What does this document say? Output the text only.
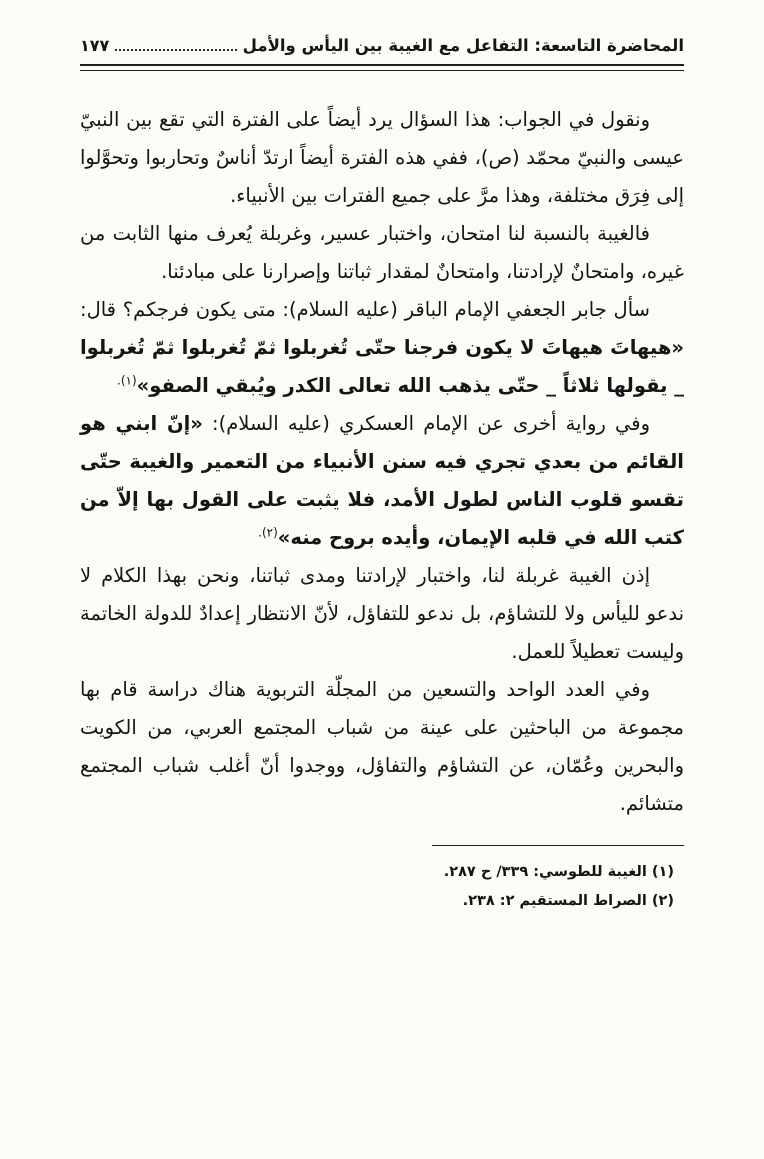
المحاضرة التاسعة: التفاعل مع الغيبة بين اليأس والأمل
١٧٧

ونقول في الجواب: هذا السؤال يرد أيضاً على الفترة التي تقع بين النبيّ عيسى والنبيّ محمّد (ص)، ففي هذه الفترة أيضاً ارتدّ أناسٌ وتحاربوا وتحوَّلوا إلى فِرَق مختلفة، وهذا مرَّ على جميع الفترات بين الأنبياء.

فالغيبة بالنسبة لنا امتحان، واختبار عسير، وغربلة يُعرف منها الثابت من غيره، وامتحانٌ لإرادتنا، وامتحانٌ لمقدار ثباتنا وإصرارنا على مبادئنا.

سأل جابر الجعفي الإمام الباقر (عليه السلام): متى يكون فرجكم؟ قال: «هيهاتَ هيهاتَ لا يكون فرجنا حتّى تُغربلوا ثمّ تُغربلوا ثمّ تُغربلوا _ يقولها ثلاثاً _ حتّى يذهب الله تعالى الكدر ويُبقي الصفو»$^{(١).}$

وفي رواية أخرى عن الإمام العسكري (عليه السلام): «إنّ ابني هو القائم من بعدي تجري فيه سنن الأنبياء من التعمير والغيبة حتّى تقسو قلوب الناس لطول الأمد، فلا يثبت على القول بها إلاّ من كتب الله في قلبه الإيمان، وأيده بروح منه»$^{(٢).}$

إذن الغيبة غربلة لنا، واختبار لإرادتنا ومدى ثباتنا، ونحن بهذا الكلام لا ندعو لليأس ولا للتشاؤم، بل ندعو للتفاؤل، لأنّ الانتظار إعدادٌ للدولة الخاتمة وليست تعطيلاً للعمل.

وفي العدد الواحد والتسعين من المجلّة التربوية هناك دراسة قام بها مجموعة من الباحثين على عينة من شباب المجتمع العربي، من الكويت والبحرين وعُمّان، عن التشاؤم والتفاؤل، ووجدوا أنّ أغلب شباب المجتمع متشائم.

(١) الغيبة للطوسي: ٣٣٩/ ح ٢٨٧.
(٢) الصراط المستقيم ٢: ٢٣٨.
